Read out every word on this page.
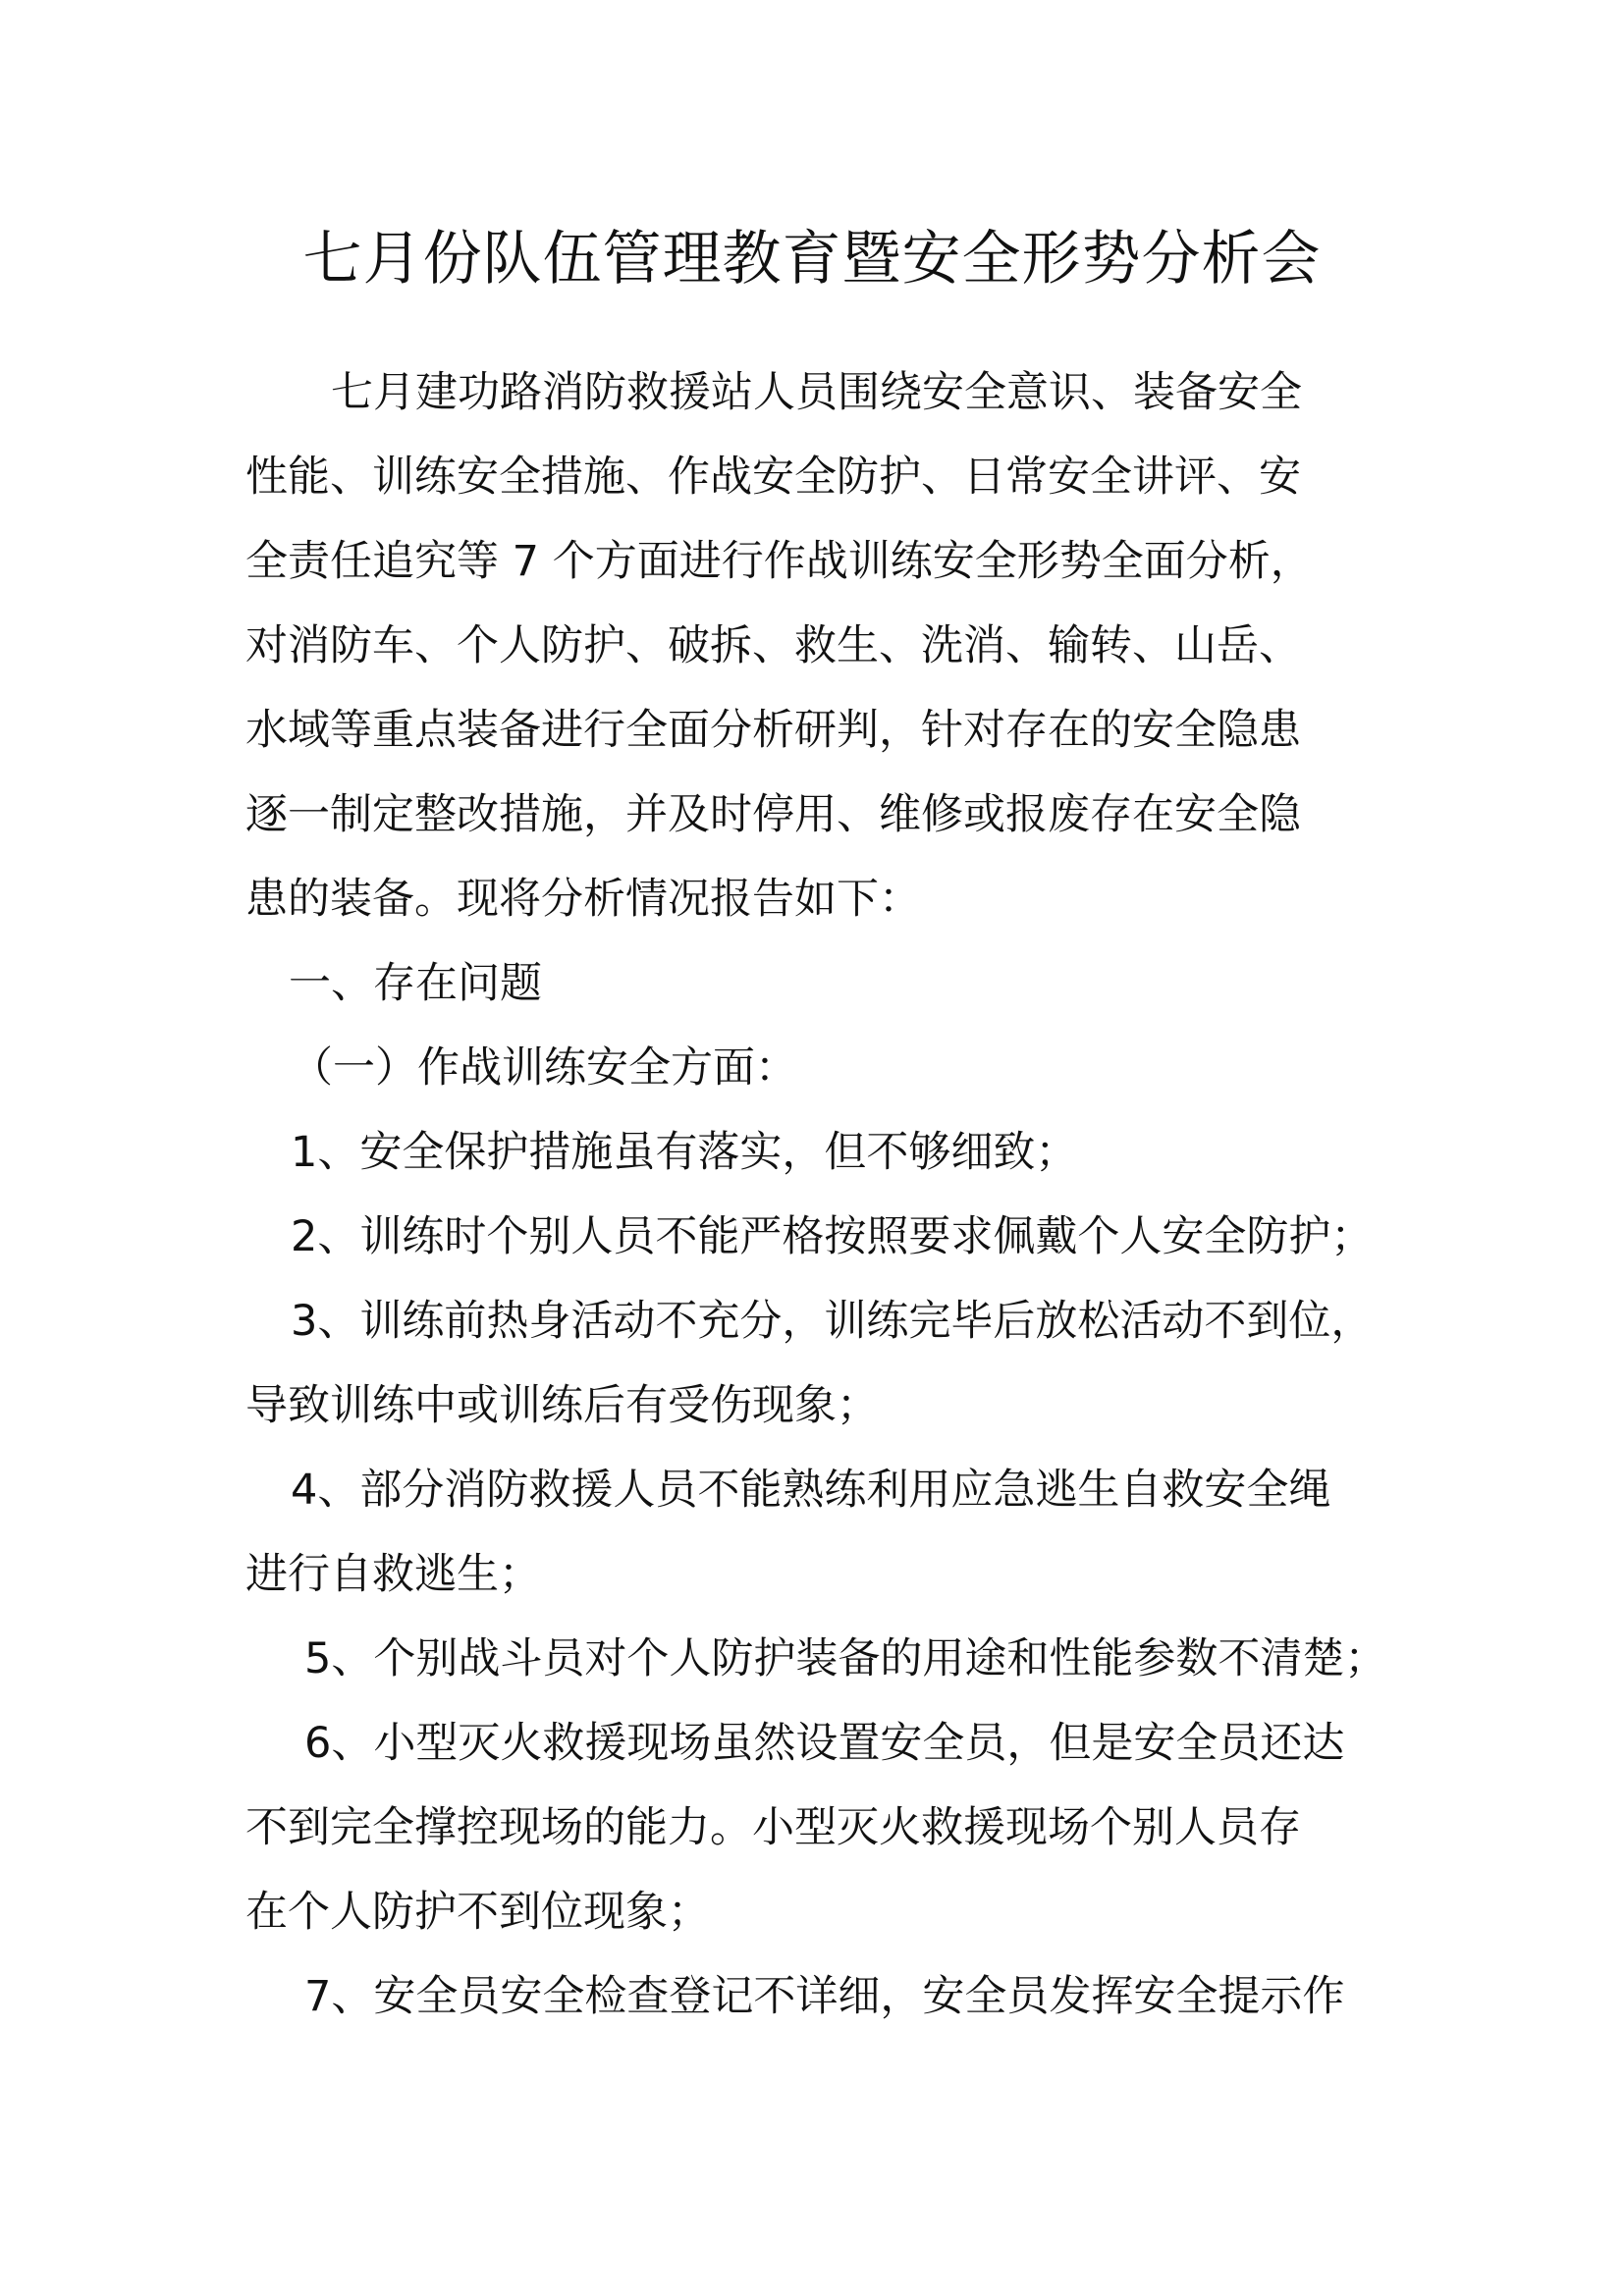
七月份队伍管理教育暨安全形势分析会
　七月建功路消防救援站人员围绕安全意识、装备安全
性能、训练安全措施、作战安全防护、日常安全讲评、安
全责任追究等 7 个方面进行作战训练安全形势全面分析，
对消防车、个人防护、破拆、救生、洗消、输转、山岳、
水域等重点装备进行全面分析研判，针对存在的安全隐患
逐一制定整改措施，并及时停用、维修或报废存在安全隐
患的装备。现将分析情况报告如下：
一、存在问题
（一）作战训练安全方面：
1、安全保护措施虽有落实，但不够细致；
2、训练时个别人员不能严格按照要求佩戴个人安全防护；
3、训练前热身活动不充分，训练完毕后放松活动不到位，
导致训练中或训练后有受伤现象；
4、部分消防救援人员不能熟练利用应急逃生自救安全绳
进行自救逃生；
5、个别战斗员对个人防护装备的用途和性能参数不清楚；
6、小型灭火救援现场虽然设置安全员，但是安全员还达
不到完全撑控现场的能力。小型灭火救援现场个别人员存
在个人防护不到位现象；
7、安全员安全检查登记不详细，安全员发挥安全提示作
